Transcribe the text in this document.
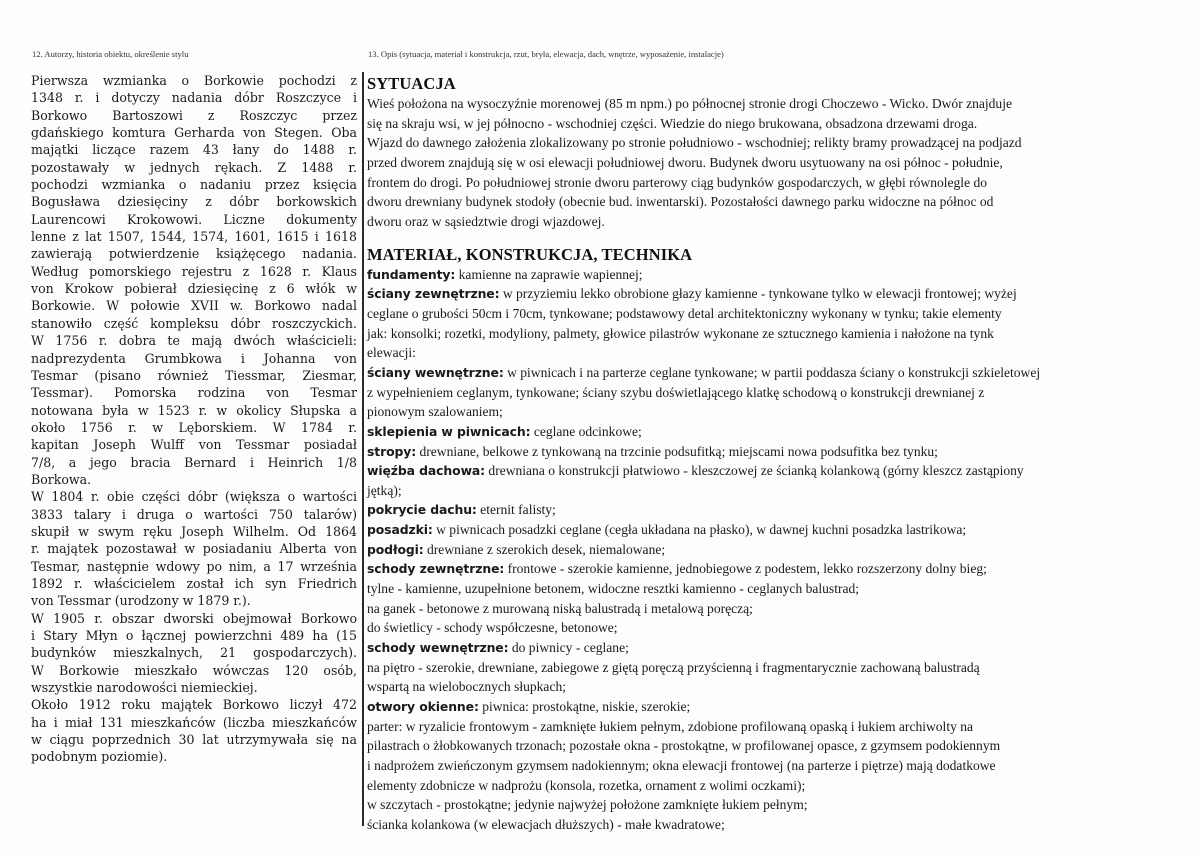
12. Autorzy, historia obiektu, określenie stylu	13. Opis (sytuacja, materiał i konstrukcja, rzut, bryła, elewacja, dach, wnętrze, wyposażenie, instalacje)
Pierwsza wzmianka o Borkowie pochodzi z
1348 r. i dotyczy nadania dóbr Roszczyce i
Borkowo Bartoszowi z Roszczyc przez
gdańskiego komtura Gerharda von Stegen. Oba
majątki liczące razem 43 łany do 1488 r.
pozostawały w jednych rękach. Z 1488 r.
pochodzi wzmianka o nadaniu przez księcia
Bogusława dziesięciny z dóbr borkowskich
Laurencowi Krokowowi. Liczne dokumenty
lenne z lat 1507, 1544, 1574, 1601, 1615 i 1618
zawierają potwierdzenie książęcego nadania.
Według pomorskiego rejestru z 1628 r. Klaus
von Krokow pobierał dziesięcinę z 6 włók w
Borkowie. W połowie XVII w. Borkowo nadal
stanowiło część kompleksu dóbr roszczyckich.
W 1756 r. dobra te mają dwóch właścicieli:
nadprezydenta Grumbkowa i Johanna von
Tesmar (pisano również Tiessmar, Ziesmar,
Tessmar). Pomorska rodzina von Tesmar
notowana była w 1523 r. w okolicy Słupska a
około 1756 r. w Lęborskiem. W 1784 r.
kapitan Joseph Wulff von Tessmar posiadał
7/8, a jego bracia Bernard i Heinrich 1/8
Borkowa.
W 1804 r. obie części dóbr (większa o wartości
3833 talary i druga o wartości 750 talarów)
skupił w swym ręku Joseph Wilhelm. Od 1864
r. majątek pozostawał w posiadaniu Alberta von
Tesmar, następnie wdowy po nim, a 17 września
1892 r. właścicielem został ich syn Friedrich
von Tessmar (urodzony w 1879 r.).
W 1905 r. obszar dworski obejmował Borkowo
i Stary Młyn o łącznej powierzchni 489 ha (15
budynków mieszkalnych, 21 gospodarczych).
W Borkowie mieszkało wówczas 120 osób,
wszystkie narodowości niemieckiej.
Około 1912 roku majątek Borkowo liczył 472
ha i miał 131 mieszkańców (liczba mieszkańców
w ciągu poprzednich 30 lat utrzymywała się na
podobnym poziomie).
SYTUACJA
Wieś położona na wysoczyźnie morenowej (85 m npm.) po północnej stronie drogi Choczewo - Wicko. Dwór znajduje
się na skraju wsi, w jej północno - wschodniej części. Wiedzie do niego brukowana, obsadzona drzewami droga.
Wjazd do dawnego założenia zlokalizowany po stronie południowo - wschodniej; relikty bramy prowadzącej na podjazd
przed dworem znajdują się w osi elewacji południowej dworu. Budynek dworu usytuowany na osi północ - południe,
frontem do drogi. Po południowej stronie dworu parterowy ciąg budynków gospodarczych, w głębi równolegle do
dworu drewniany budynek stodoły (obecnie bud. inwentarski). Pozostałości dawnego parku widoczne na północ od
dworu oraz w sąsiedztwie drogi wjazdowej.
MATERIAŁ, KONSTRUKCJA, TECHNIKA
fundamenty: kamienne na zaprawie wapiennej;
ściany zewnętrzne: w przyziemiu lekko obrobione głazy kamienne - tynkowane tylko w elewacji frontowej; wyżej
ceglane o grubości 50cm i 70cm, tynkowane; podstawowy detal architektoniczny wykonany w tynku; takie elementy
jak: konsolki; rozetki, modyliony, palmety, głowice pilastrów wykonane ze sztucznego kamienia i nałożone na tynk
elewacji:
ściany wewnętrzne: w piwnicach i na parterze ceglane tynkowane; w partii poddasza ściany o konstrukcji szkieletowej
z wypełnieniem ceglanym, tynkowane; ściany szybu doświetlającego klatkę schodową o konstrukcji drewnianej z
pionowym szalowaniem;
sklepienia w piwnicach: ceglane odcinkowe;
stropy: drewniane, belkowe z tynkowaną na trzcinie podsufitką; miejscami nowa podsufitka bez tynku;
więźba dachowa: drewniana o konstrukcji płatwiowo - kleszczowej ze ścianką kolankową (górny kleszcz zastąpiony
jętką);
pokrycie dachu: eternit falisty;
posadzki: w piwnicach posadzki ceglane (cegła układana na płasko), w dawnej kuchni posadzka lastrikowa;
podłogi: drewniane z szerokich desek, niemalowane;
schody zewnętrzne: frontowe - szerokie kamienne, jednobiegowe z podestem, lekko rozszerzony dolny bieg;
tylne - kamienne, uzupełnione betonem, widoczne resztki kamienno - ceglanych balustrad;
na ganek - betonowe z murowaną niską balustradą i metalową poręczą;
do świetlicy - schody współczesne, betonowe;
schody wewnętrzne: do piwnicy - ceglane;
na piętro - szerokie, drewniane, zabiegowe z giętą poręczą przyścienną i fragmentarycznie zachowaną balustradą
wspartą na wielobocznych słupkach;
otwory okienne: piwnica: prostokątne, niskie, szerokie;
parter: w ryzalicie frontowym - zamknięte łukiem pełnym, zdobione profilowaną opaską i łukiem archiwolty na
pilastrach o żłobkowanych trzonach; pozostałe okna - prostokątne, w profilowanej opasce, z gzymsem podokiennym
i nadprożem zwieńczonym gzymsem nadokiennym; okna elewacji frontowej (na parterze i piętrze) mają dodatkowe
elementy zdobnicze w nadprożu (konsola, rozetka, ornament z wolimi oczkami);
w szczytach - prostokątne; jedynie najwyżej położone zamknięte łukiem pełnym;
ścianka kolankowa (w elewacjach dłuższych) - małe kwadratowe;
